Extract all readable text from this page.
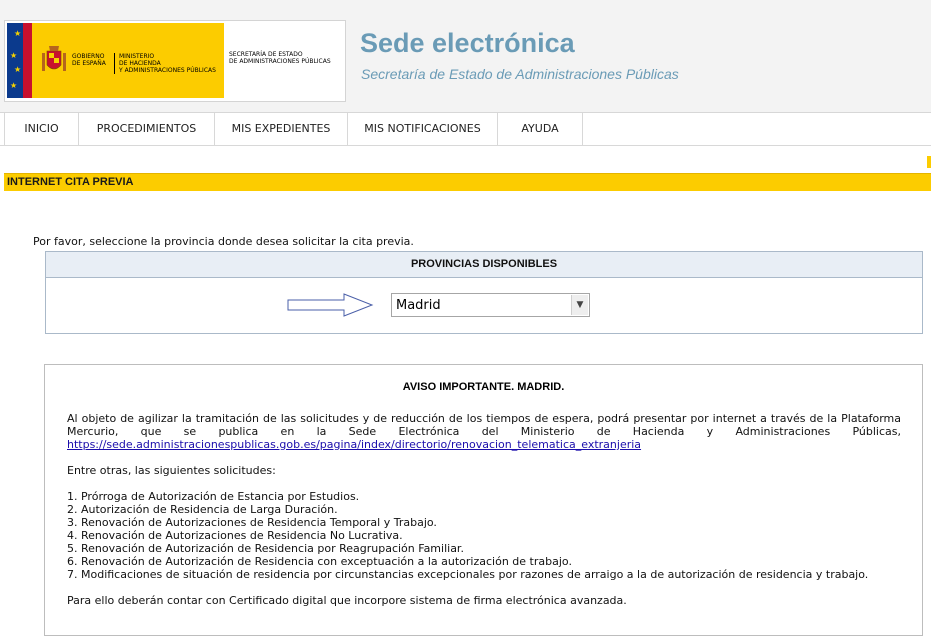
★
★
★
★
GOBIERNO
DE ESPAÑA
MINISTERIO
DE HACIENDA
Y ADMINISTRACIONES PÚBLICAS
SECRETARÍA DE ESTADO
DE ADMINISTRACIONES PÚBLICAS
Sede electrónica
Secretaría de Estado de Administraciones Públicas
INICIO	PROCEDIMIENTOS	MIS EXPEDIENTES	MIS NOTIFICACIONES	AYUDA
INTERNET CITA PREVIA
Por favor, seleccione la provincia donde desea solicitar la cita previa.
PROVINCIAS DISPONIBLES
Madrid	▼
AVISO IMPORTANTE. MADRID.
Al objeto de agilizar la tramitación de las solicitudes y de reducción de los tiempos de espera, podrá presentar por internet a través de la Plataforma Mercurio, que se publica en la Sede Electrónica del Ministerio de Hacienda y Administraciones Públicas, https://sede.administracionespublicas.gob.es/pagina/index/directorio/renovacion_telematica_extranjeria
Entre otras, las siguientes solicitudes:
1. Prórroga de Autorización de Estancia por Estudios.
2. Autorización de Residencia de Larga Duración.
3. Renovación de Autorizaciones de Residencia Temporal y Trabajo.
4. Renovación de Autorizaciones de Residencia No Lucrativa.
5. Renovación de Autorización de Residencia por Reagrupación Familiar.
6. Renovación de Autorización de Residencia con exceptuación a la autorización de trabajo.
7. Modificaciones de situación de residencia por circunstancias excepcionales por razones de arraigo a la de autorización de residencia y trabajo.
Para ello deberán contar con Certificado digital que incorpore sistema de firma electrónica avanzada.
